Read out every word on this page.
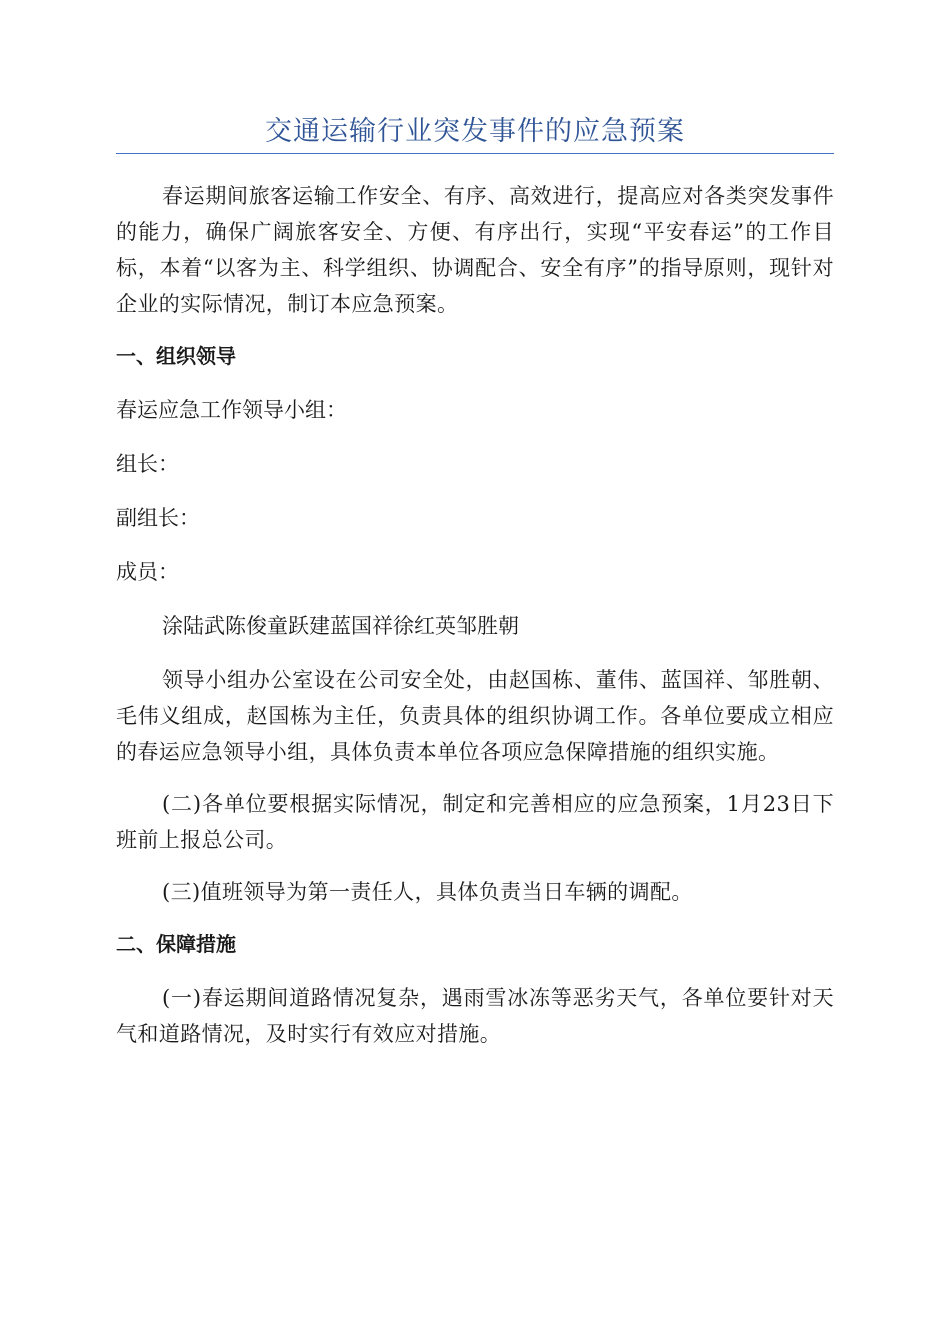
交通运输行业突发事件的应急预案

春运期间旅客运输工作安全、有序、高效进行，提高应对各类突发事件的能力，确保广阔旅客安全、方便、有序出行，实现“平安春运”的工作目标，本着“以客为主、科学组织、协调配合、安全有序”的指导原则，现针对企业的实际情况，制订本应急预案。

一、组织领导
春运应急工作领导小组：
组长：
副组长：
成员：
涂陆武陈俊童跃建蓝国祥徐红英邹胜朝

领导小组办公室设在公司安全处，由赵国栋、董伟、蓝国祥、邹胜朝、毛伟义组成，赵国栋为主任，负责具体的组织协调工作。各单位要成立相应的春运应急领导小组，具体负责本单位各项应急保障措施的组织实施。

(二)各单位要根据实际情况，制定和完善相应的应急预案，1月23日下班前上报总公司。

(三)值班领导为第一责任人，具体负责当日车辆的调配。

二、保障措施

(一)春运期间道路情况复杂，遇雨雪冰冻等恶劣天气，各单位要针对天气和道路情况，及时实行有效应对措施。
